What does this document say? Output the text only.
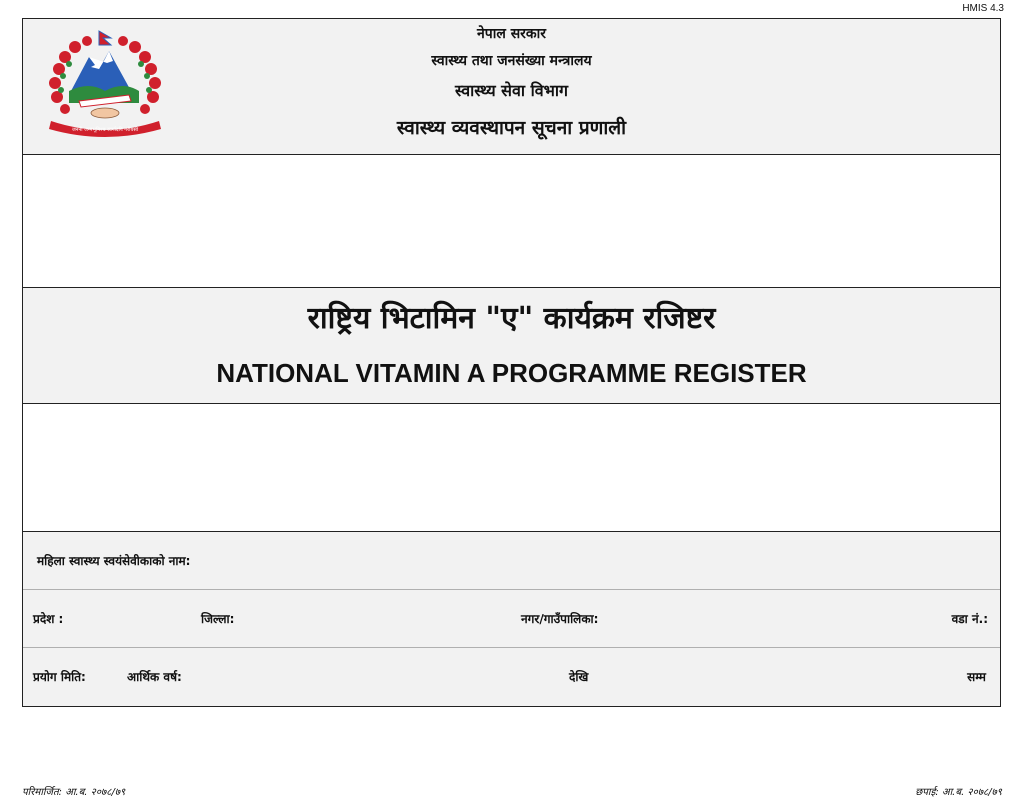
HMIS 4.3
जननी जन्मभूमिश्च स्वर्गादपि गरीयसी
नेपाल सरकार
स्वास्थ्य तथा जनसंख्या मन्त्रालय
स्वास्थ्य सेवा विभाग
स्वास्थ्य व्यवस्थापन सूचना प्रणाली
राष्ट्रिय भिटामिन "ए" कार्यक्रम रजिष्टर
NATIONAL VITAMIN A PROGRAMME REGISTER
महिला स्वास्थ्य स्वयंसेवीकाको नाम:
प्रदेश :	जिल्ला:	नगर/गाउँपालिका:	वडा नं.:
प्रयोग मिति:	आर्थिक वर्ष:	देखि	सम्म
परिमार्जित: आ.ब. २०७८/७९	छपाई: आ.ब. २०७८/७९
